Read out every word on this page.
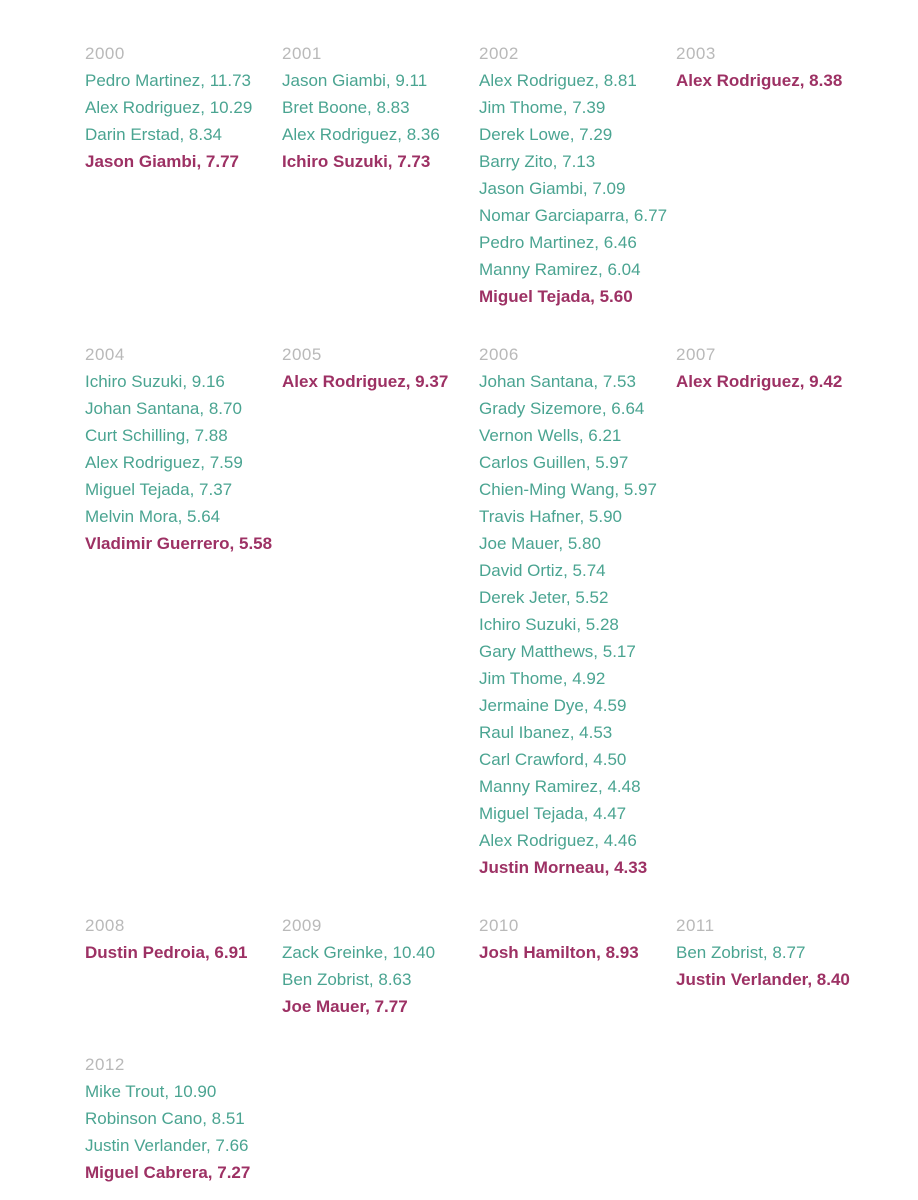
2000
Pedro Martinez, 11.73
Alex Rodriguez, 10.29
Darin Erstad, 8.34
Jason Giambi, 7.77
2001
Jason Giambi, 9.11
Bret Boone, 8.83
Alex Rodriguez, 8.36
Ichiro Suzuki, 7.73
2002
Alex Rodriguez, 8.81
Jim Thome, 7.39
Derek Lowe, 7.29
Barry Zito, 7.13
Jason Giambi, 7.09
Nomar Garciaparra, 6.77
Pedro Martinez, 6.46
Manny Ramirez, 6.04
Miguel Tejada, 5.60
2003
Alex Rodriguez, 8.38
2004
Ichiro Suzuki, 9.16
Johan Santana, 8.70
Curt Schilling, 7.88
Alex Rodriguez, 7.59
Miguel Tejada, 7.37
Melvin Mora, 5.64
Vladimir Guerrero, 5.58
2005
Alex Rodriguez, 9.37
2006
Johan Santana, 7.53
Grady Sizemore, 6.64
Vernon Wells, 6.21
Carlos Guillen, 5.97
Chien-Ming Wang, 5.97
Travis Hafner, 5.90
Joe Mauer, 5.80
David Ortiz, 5.74
Derek Jeter, 5.52
Ichiro Suzuki, 5.28
Gary Matthews, 5.17
Jim Thome, 4.92
Jermaine Dye, 4.59
Raul Ibanez, 4.53
Carl Crawford, 4.50
Manny Ramirez, 4.48
Miguel Tejada, 4.47
Alex Rodriguez, 4.46
Justin Morneau, 4.33
2007
Alex Rodriguez, 9.42
2008
Dustin Pedroia, 6.91
2009
Zack Greinke, 10.40
Ben Zobrist, 8.63
Joe Mauer, 7.77
2010
Josh Hamilton, 8.93
2011
Ben Zobrist, 8.77
Justin Verlander, 8.40
2012
Mike Trout, 10.90
Robinson Cano, 8.51
Justin Verlander, 7.66
Miguel Cabrera, 7.27
